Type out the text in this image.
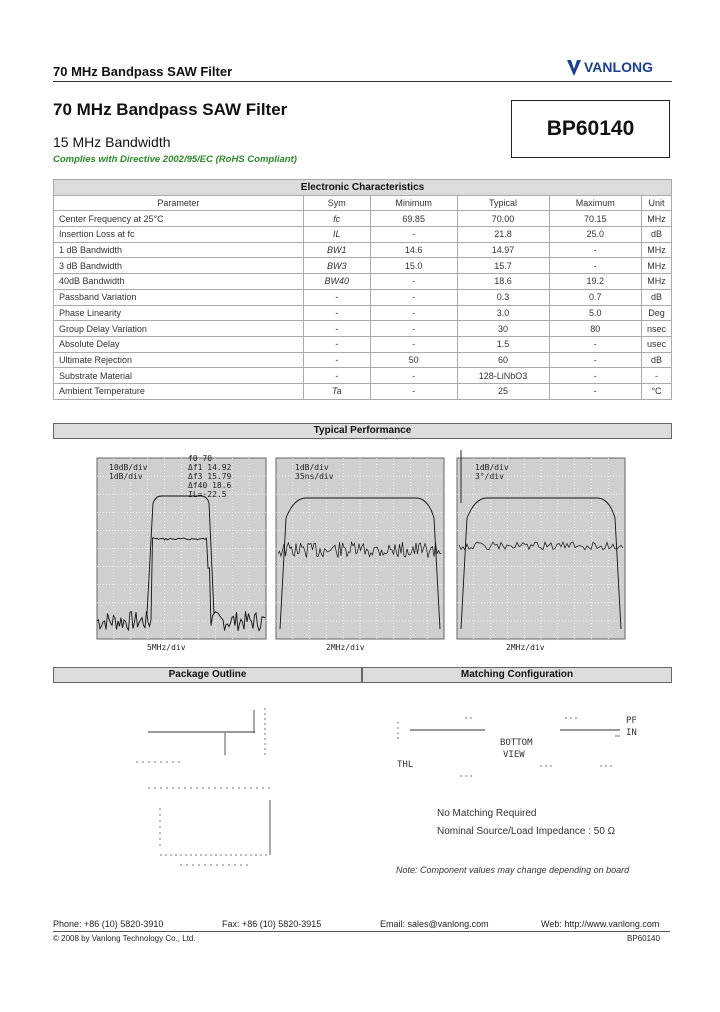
70 MHz Bandpass SAW Filter	VANLONG
70 MHz Bandpass SAW Filter
15 MHz Bandwidth
Complies with Directive 2002/95/EC (RoHS Compliant)
BP60140
Electronic Characteristics					
Parameter	Sym	Minimum	Typical	Maximum	Unit
Center Frequency at 25°C	fc	69.85	70.00	70.15	MHz
Insertion Loss at fc	IL	-	21.8	25.0	dB
1 dB Bandwidth	BW1	14.6	14.97	-	MHz
3 dB Bandwidth	BW3	15.0	15.7	-	MHz
40dB Bandwidth	BW40	-	18.6	19.2	MHz
Passband Variation	-	-	0.3	0.7	dB
Phase Linearity	-	-	3.0	5.0	Deg
Group Delay Variation	-	-	30	80	nsec
Absolute Delay	-	-	1.5	-	usec
Ultimate Rejection	-	50	60	-	dB
Substrate Material	-	-	128-LiNbO3	-	-
Ambient Temperature	Ta	-	25	-	°C
Typical Performance
10dB/div
1dB/div
f0 70
Δf1 14.92
Δf3 15.79
Δf40 18.6
IL=-22.5
5MHz/div
1dB/div
35ns/div
2MHz/div
1dB/div
3°/div
2MHz/div
Package Outline	Matching Configuration
PF
IN
BOTTOM
VIEW
THL
No Matching Required
Nominal Source/Load Impedance : 50 Ω
Note: Component values may change depending on board
Phone: +86 (10) 5820-3910	Fax: +86 (10) 5820-3915	Email: sales@vanlong.com	Web: http://www.vanlong.com
© 2008 by Vanlong Technology Co., Ltd.	BP60140
